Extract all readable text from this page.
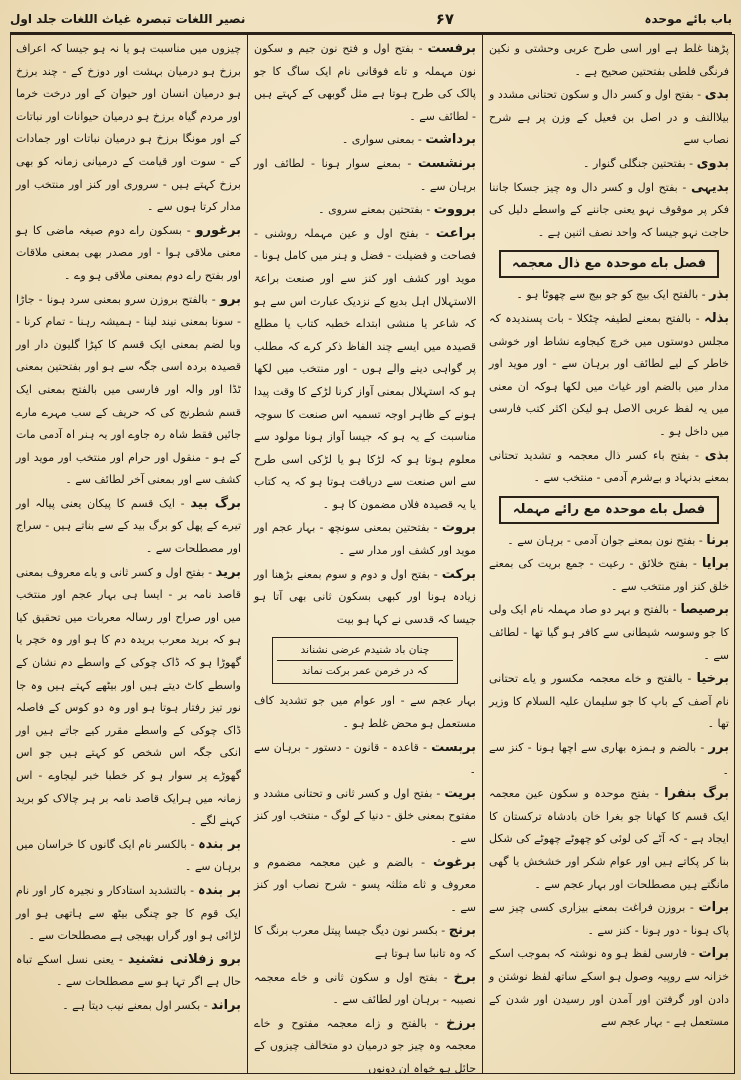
باب بائے موحدہ
۶۷
نصیر اللغات تبصرہ غیاث اللغات جلد اول
پڑھنا غلط ہے اور اسی طرح عربی وحشتی و نکین فرنگی فلطی بفتحتین صحیح ہے ۔
بدی - بفتح اول و کسر دال و سکون تحتانی مشدد و بیلاالنف و در اصل بن فعیل کے وزن پر ہے شرح نصاب سے
بدوی - بفتحتین جنگلی گنوار ۔
بدیہی - بفتح اول و کسر دال وہ چیز جسکا جاننا فکر پر موقوف نہو یعنی جاننے کے واسطے دلیل کی حاجت نہو جیسا کہ واحد نصف اثنین ہے ۔
فصل باے موحدہ مع ذال معجمہ
بذر - بالفتح ایک بیج کو جو بیج سے چھوٹا ہو ۔
بذلہ - بالفتح بمعنے لطیفہ چٹکلا - بات پسندیدہ کہ مجلس دوستوں میں خرچ کیجاوے نشاط اور خوشی خاطر کے لیے لطائف اور برہان سے - اور موید اور مدار میں بالضم اور غیاث میں لکھا ہوکہ ان معنی میں یہ لفظ عربی الاصل ہو لیکن اکثر کتب فارسی میں داخل ہو ۔
بذی - بفتح باء کسر ذال معجمہ و تشدید تحتانی بمعنے بدنہاد و بےشرم آدمی - منتخب سے ۔
فصل باے موحدہ مع رائے مہملہ
برنا - بفتح نون بمعنے جوان آدمی - برہان سے ۔
برایا - بفتح خلائق - رعیت - جمع بریت کی بمعنے خلق کنز اور منتخب سے ۔
برصیصا - بالفتح و بہر دو صاد مہملہ نام ایک ولی کا جو وسوسہ شیطانی سے کافر ہو گیا تھا - لطائف سے ۔
برخیا - بالفتح و خاے معجمہ مکسور و یاے تحتانی نام آصف کے باپ کا جو سلیمان علیہ السلام کا وزیر تھا ۔
برر - بالضم و ہمزہ بھاری سے اچھا ہونا - کنز سے ۔
برگ بنفرا - بفتح موحدہ و سکون عین معجمہ ایک قسم کا کھانا جو بغرا خان بادشاہ ترکستان کا ایجاد ہے - کہ آٹے کی لوئی کو چھوٹے چھوٹے کی شکل بنا کر پکاتے ہیں اور عوام شکر اور خشخش یا گھی مانگتے ہیں مصطلحات اور بہار عجم سے ۔
برات - بروزن فراغت بمعنے بیزاری کسی چیز سے پاک ہونا - دور ہونا - کنز سے ۔
برات - فارسی لفظ ہو وہ نوشتہ کہ بموجب اسکے خزانہ سے روپیہ وصول ہو اسکے ساتھ لفظ نوشتن و دادن اور گرفتن اور آمدن اور رسیدن اور شدن کے مستعمل ہے - بہار عجم سے
برفست - بفتح اول و فتح نون جیم و سکون نون مہملہ و تاے فوقانی نام ایک ساگ کا جو پالک کی طرح ہوتا ہے مثل گوبھی کے کہتے ہیں - لطائف سے ۔
برداشت - بمعنی سواری ۔
برنشست - بمعنے سوار ہونا - لطائف اور برہان سے ۔
برووت - بفتحتین بمعنے سروی ۔
براعت - بفتح اول و عین مہملہ روشنی - فصاحت و فضیلت - فضل و ہنر میں کامل ہونا - موید اور کشف اور کنز سے اور صنعت براعۃ الاستہلال اہل بدیع کے نزدیک عبارت اس سے ہو کہ شاعر یا منشی ابتداے خطبہ کتاب یا مطلع قصیدہ میں ایسے چند الفاظ ذکر کرے کہ مطلب پر گواہی دینے والے ہوں - اور منتخب میں لکھا ہو کہ استہلال بمعنی آواز کرنا لڑکے کا وقت پیدا ہونے کے ظاہر اوجہ تسمیہ اس صنعت کا سوجہ مناسبت کے یہ ہو کہ جیسا آواز ہونا مولود سے معلوم ہوتا ہو کہ لڑکا ہو یا لڑکی اسی طرح سے اس صنعت سے دریافت ہوتا ہو کہ یہ کتاب یا یہ قصیدہ فلاں مضمون کا ہو ۔
بروت - بفتحتین بمعنی سونچھ - بہار عجم اور موید اور کشف اور مدار سے ۔
برکت - بفتح اول و دوم و سوم بمعنے بڑھنا اور زیادہ ہونا اور کبھی بسکون ثانی بھی آتا ہو جیسا کہ قدسی نے کہا ہو بیت
چنان باد شنیدم عرضی نشناند
کہ در خرمن عمر برکت نماند
بہار عجم سے - اور عوام میں جو تشدید کاف مستعمل ہو محض غلط ہو ۔
بربست - قاعدہ - قانون - دستور - برہان سے ۔
بریت - بفتح اول و کسر ثانی و تحتانی مشدد و مفتوح بمعنی خلق - دنیا کے لوگ - منتخب اور کنز سے ۔
برغوث - بالضم و غین معجمہ مضموم و معروف و ثاے مثلثہ پسو - شرح نصاب اور کنز سے ۔
برنج - بکسر نون دیگ جیسا پیتل معرب برنگ کا کہ وہ تانبا سا ہوتا ہے
برخ - بفتح اول و سکون ثانی و خاے معجمہ نصیبہ - برہان اور لطائف سے ۔
برزخ - بالفتح و زاے معجمہ مفتوح و خاے معجمہ وہ چیز جو درمیان دو متخالف چیزوں کے حائل ہو خواہ ان دونوں
چیزوں میں مناسبت ہو یا نہ ہو جیسا کہ اعراف برزخ ہو درمیان بہشت اور دوزخ کے - چند برزخ ہو درمیان انسان اور حیوان کے اور درخت خرما اور مردم گیاہ برزخ ہو درمیان حیوانات اور نباتات کے اور مونگا برزخ ہو درمیان نباتات اور جمادات کے - سوت اور قیامت کے درمیانی زمانہ کو بھی برزخ کہتے ہیں - سروری اور کنز اور منتخب اور مدار کرتا ہوں سے ۔
برغورو - بسکون راے دوم صیغہ ماضی کا ہو معنی ملاقی ہوا - اور مصدر بھی بمعنی ملاقات اور بفتح راے دوم بمعنی ملاقی ہو وے ۔
برو - بالفتح بروزن سرو بمعنی سرد ہونا - جاڑا - سونا بمعنی نیند لینا - ہمیشہ رہنا - تمام کرنا - وبا لضم بمعنی ایک قسم کا کپڑا گلیون دار اور قصیدہ بردہ اسی جگہ سے ہو اور بفتحتین بمعنی ٹڈا اور والہ اور فارسی میں بالفتح بمعنی ایک قسم شطرنج کی کہ حریف کے سب مہرے مارے جائیں فقط شاہ رہ جاوے اور یہ ہنر اہ آدمی مات کے ہو - منقول اور حرام اور منتخب اور موید اور کشف سے اور بمعنی آخر لطائف سے ۔
برگ بید - ایک قسم کا پیکان یعنی پیالہ اور تیرے کے پھل کو برگ بید کے سے بناتے ہیں - سراج اور مصطلحات سے ۔
برید - بفتح اول و کسر ثانی و یاے معروف بمعنی قاصد نامہ بر - ایسا ہی بہار عجم اور منتخب میں اور صراح اور رسالہ معربات میں تحقیق کیا ہو کہ برید معرب بریدہ دم کا ہو اور وہ خچر یا گھوڑا ہو کہ ڈاک چوکی کے واسطے دم نشان کے واسطے کاٹ دیتے ہیں اور بیٹھے کہتے ہیں وہ جا نور تیز رفتار ہوتا ہو اور وہ دو کوس کے فاصلہ ڈاک چوکی کے واسطے مقرر کیے جاتے ہیں اور انکی جگہ اس شخص کو کہتے ہیں جو اس گھوڑے پر سوار ہو کر خطبا خبر لیجاوے - اس زمانہ میں ہرایک قاصد نامہ بر ہر چالاک کو برید کہنے لگے ۔
بر بندہ - بالکسر نام ایک گانوں کا خراسان میں برہان سے ۔
بر بندہ - بالتشدید استادکار و نجیرہ کار اور نام ایک قوم کا جو چنگی بیٹھ سے ہاتھی ہو اور لڑائی ہو اور گراں بھیجی ہے مصطلحات سے ۔
برو زفلانی نشنید - یعنی نسل اسکے تباہ حال ہے اگر تہا ہو سے مصطلحات سے ۔
براند - بکسر اول بمعنے نیب دیتا ہے ۔
